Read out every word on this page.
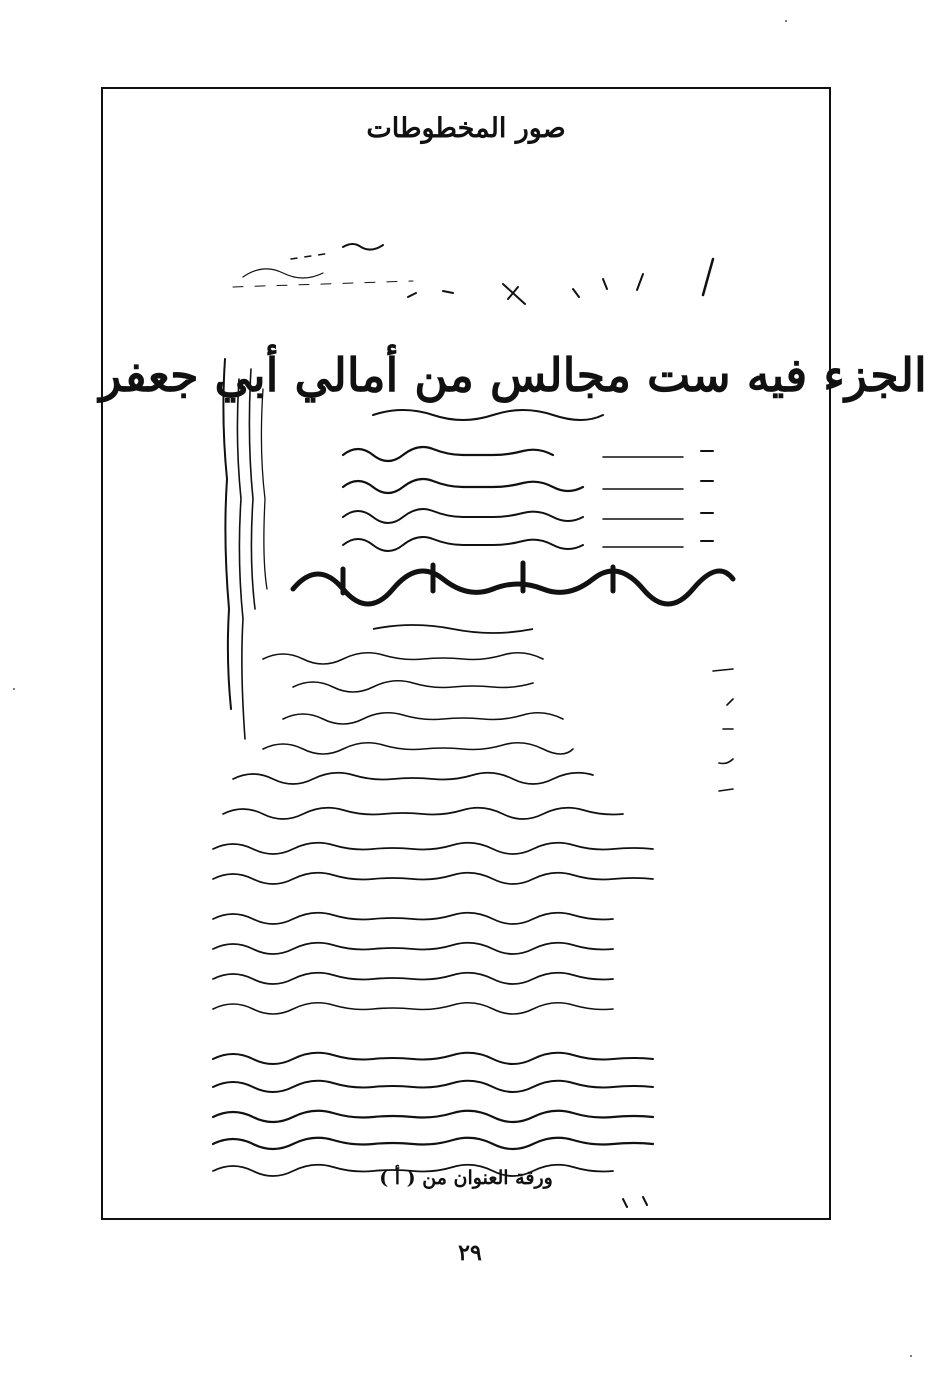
صور المخطوطات
الجزء فيه ست مجالس من أمالي أبي جعفر
ورقة العنوان من ( أ )
٢٩
